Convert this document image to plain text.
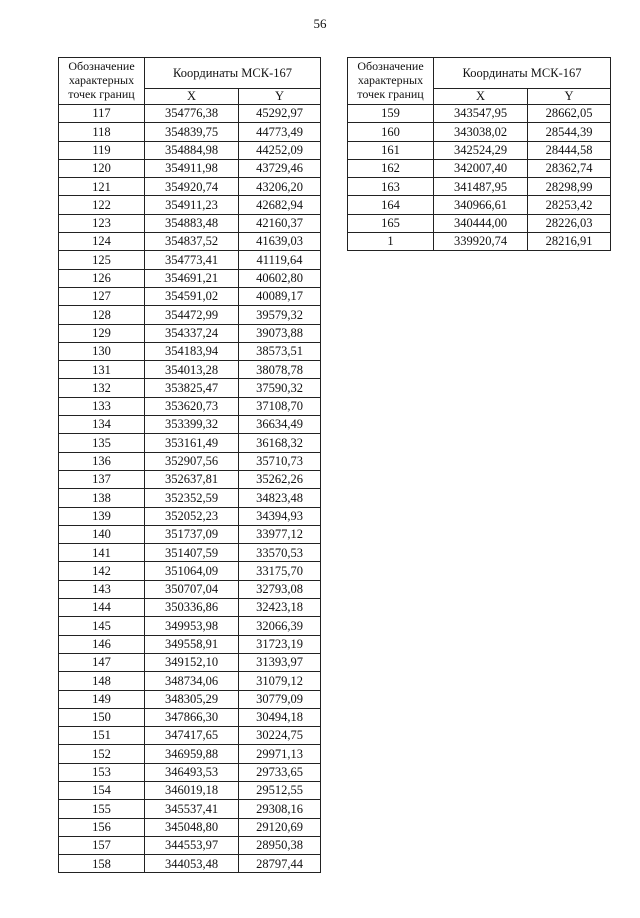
56
Обозначение характерных точек границ	Координаты МСК-167	
	X	Y
117	354776,38	45292,97
118	354839,75	44773,49
119	354884,98	44252,09
120	354911,98	43729,46
121	354920,74	43206,20
122	354911,23	42682,94
123	354883,48	42160,37
124	354837,52	41639,03
125	354773,41	41119,64
126	354691,21	40602,80
127	354591,02	40089,17
128	354472,99	39579,32
129	354337,24	39073,88
130	354183,94	38573,51
131	354013,28	38078,78
132	353825,47	37590,32
133	353620,73	37108,70
134	353399,32	36634,49
135	353161,49	36168,32
136	352907,56	35710,73
137	352637,81	35262,26
138	352352,59	34823,48
139	352052,23	34394,93
140	351737,09	33977,12
141	351407,59	33570,53
142	351064,09	33175,70
143	350707,04	32793,08
144	350336,86	32423,18
145	349953,98	32066,39
146	349558,91	31723,19
147	349152,10	31393,97
148	348734,06	31079,12
149	348305,29	30779,09
150	347866,30	30494,18
151	347417,65	30224,75
152	346959,88	29971,13
153	346493,53	29733,65
154	346019,18	29512,55
155	345537,41	29308,16
156	345048,80	29120,69
157	344553,97	28950,38
158	344053,48	28797,44
Обозначение характерных точек границ	Координаты МСК-167	
	X	Y
159	343547,95	28662,05
160	343038,02	28544,39
161	342524,29	28444,58
162	342007,40	28362,74
163	341487,95	28298,99
164	340966,61	28253,42
165	340444,00	28226,03
1	339920,74	28216,91
